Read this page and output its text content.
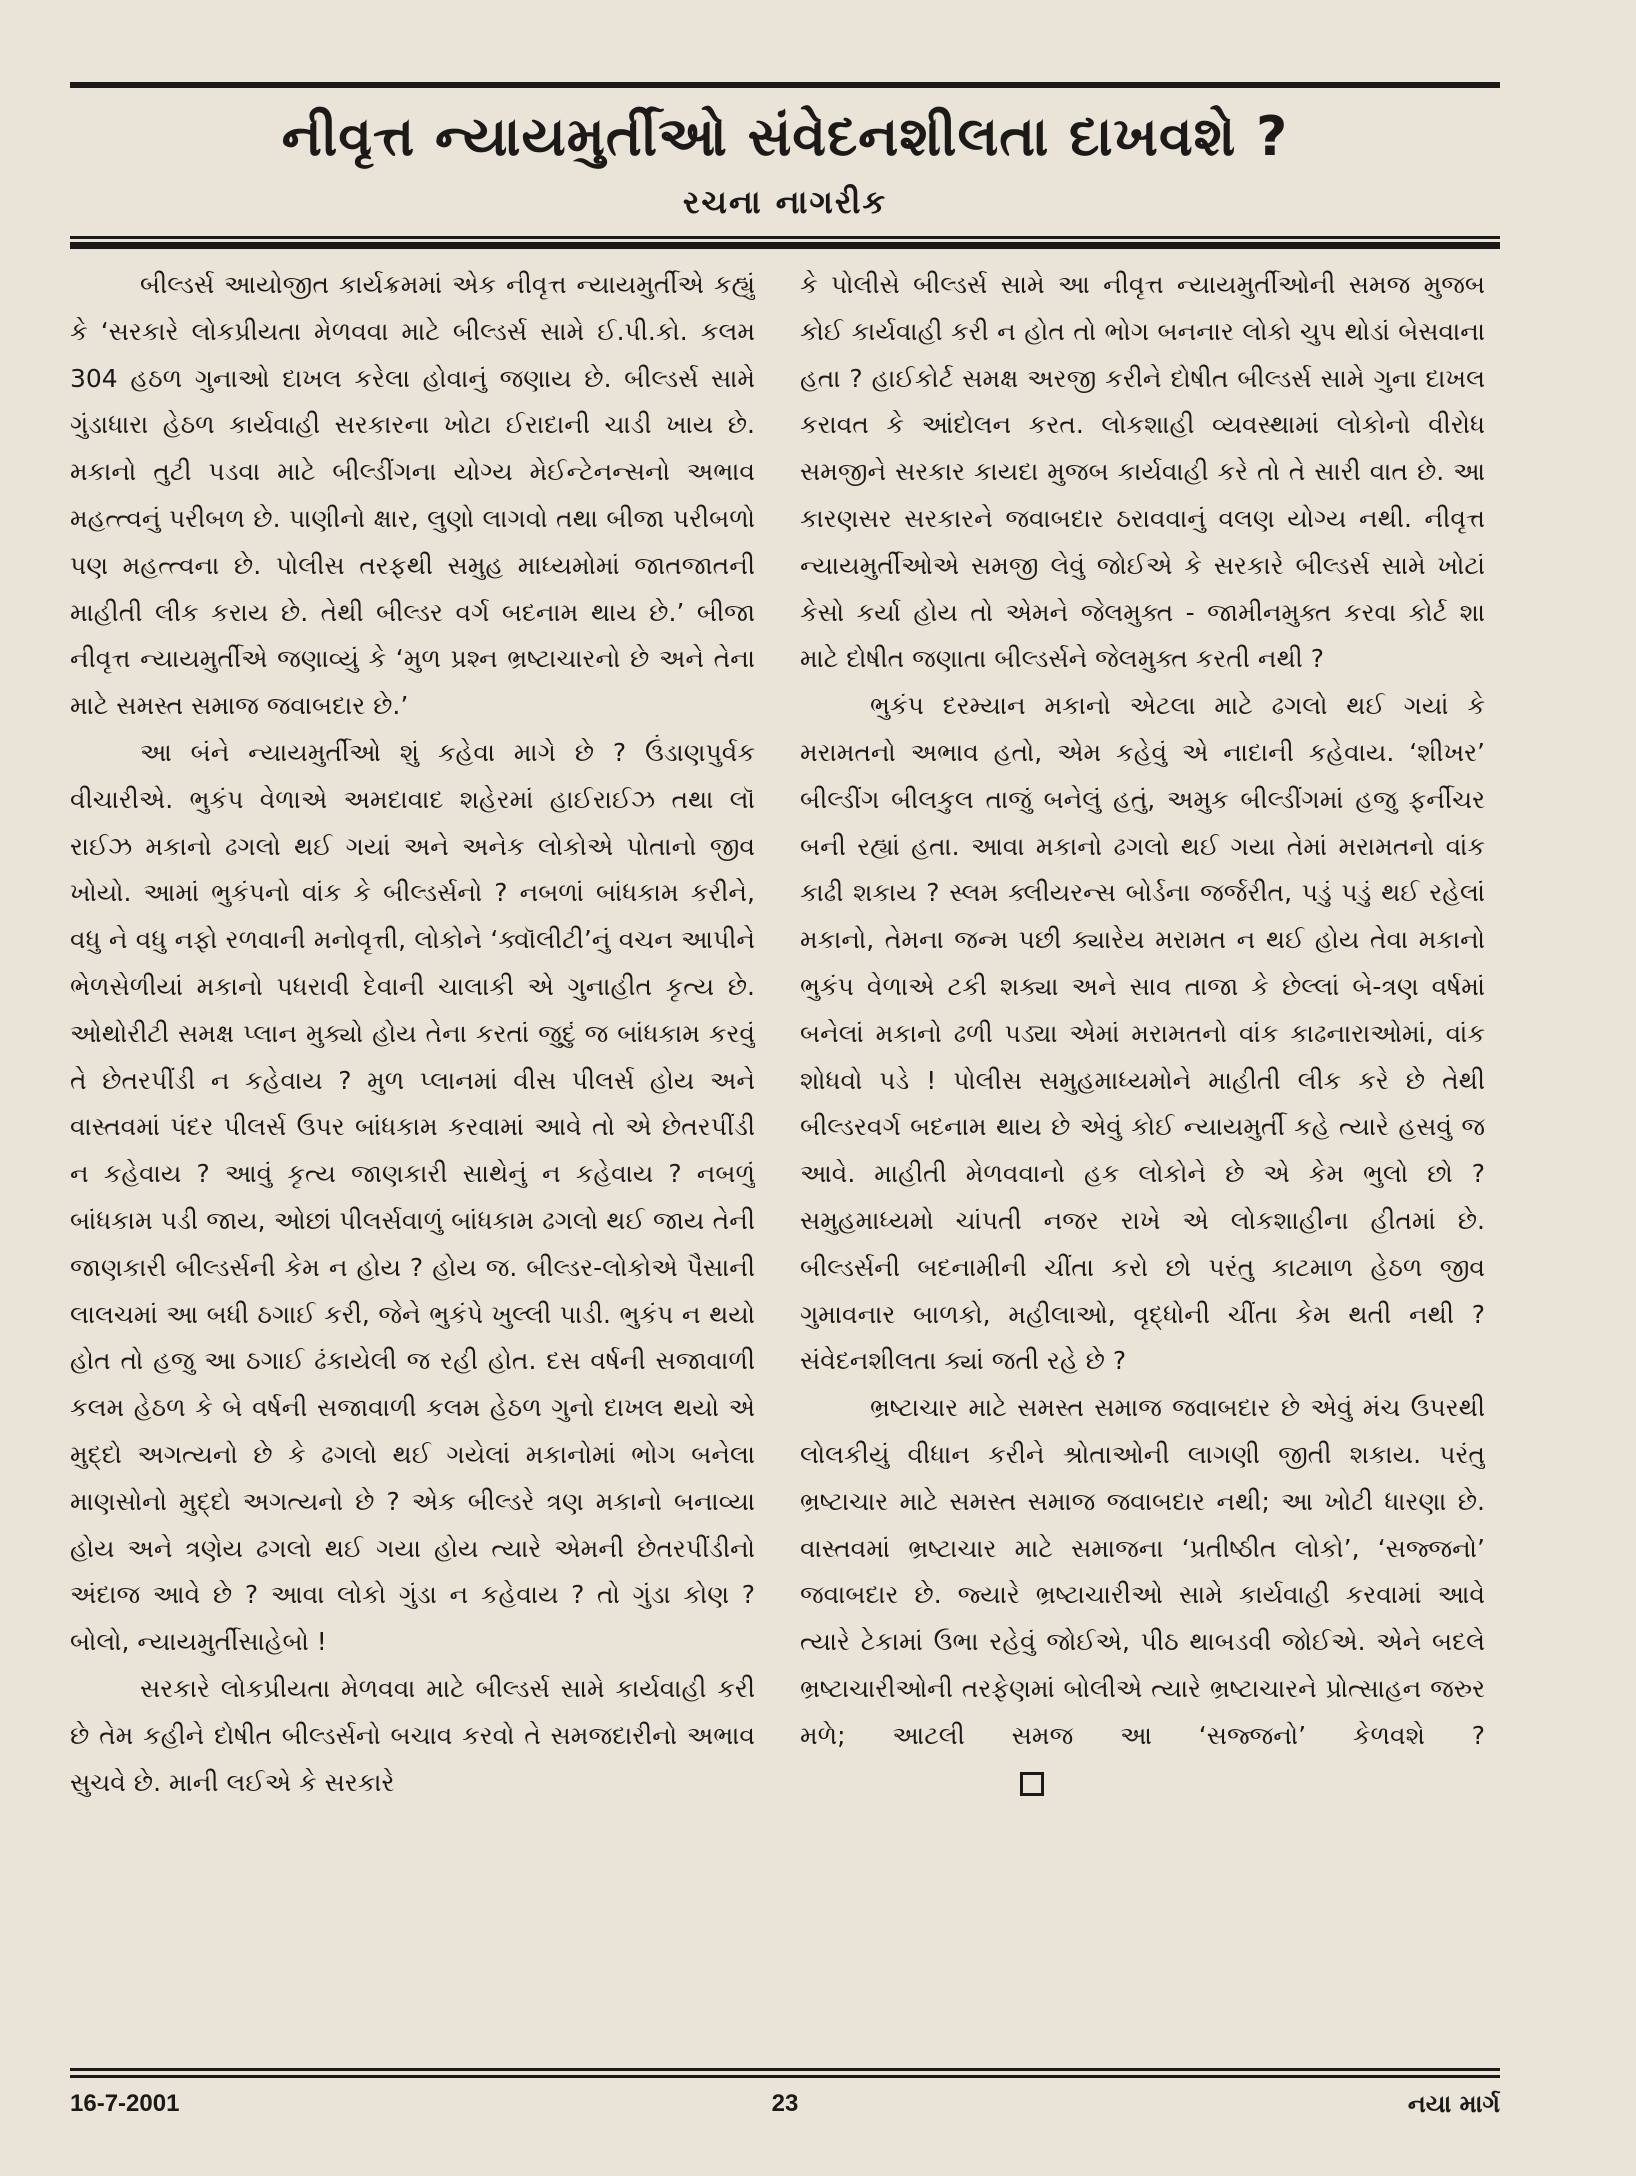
નીવૃત્ત ન્યાયમુર્તીઓ સંવેદનશીલતા દાખવશે ?
રચના નાગરીક

બીલ્ડર્સ આયોજીત કાર્યક્રમમાં એક નીવૃત્ત ન્યાયમુર્તીએ કહ્યું કે ‘સરકારે લોકપ્રીયતા મેળવવા માટે બીલ્ડર્સ સામે ઈ.પી.કો. કલમ 304 હઠળ ગુનાઓ દાખલ કરેલા હોવાનું જણાય છે. બીલ્ડર્સ સામે ગુંડાધારા હેઠળ કાર્યવાહી સરકારના ખોટા ઈરાદાની ચાડી ખાય છે. મકાનો તુટી પડવા માટે બીલ્ડીંગના યોગ્ય મેઈન્ટેનન્સનો અભાવ મહત્ત્વનું પરીબળ છે. પાણીનો ક્ષાર, લુણો લાગવો તથા બીજા પરીબળો પણ મહત્ત્વના છે. પોલીસ તરફથી સમુહ માધ્યમોમાં જાતજાતની માહીતી લીક કરાય છે. તેથી બીલ્ડર વર્ગ બદનામ થાય છે.’ બીજા નીવૃત્ત ન્યાયમુર્તીએ જણાવ્યું કે ‘મુળ પ્રશ્ન ભ્રષ્ટાચારનો છે અને તેના માટે સમસ્ત સમાજ જવાબદાર છે.’

આ બંને ન્યાયમુર્તીઓ શું કહેવા માગે છે ? ઉંડાણપુર્વક વીચારીએ. ભુકંપ વેળાએ અમદાવાદ શહેરમાં હાઈરાઈઝ તથા લૉ રાઈઝ મકાનો ઢગલો થઈ ગયાં અને અનેક લોકોએ પોતાનો જીવ ખોયો. આમાં ભુકંપનો વાંક કે બીલ્ડર્સનો ? નબળાં બાંધકામ કરીને, વધુ ને વધુ નફો રળવાની મનોવૃત્તી, લોકોને ‘ક્વૉલીટી’નું વચન આપીને ભેળસેળીયાં મકાનો પધરાવી દેવાની ચાલાકી એ ગુનાહીત કૃત્ય છે. ઓથોરીટી સમક્ષ પ્લાન મુક્યો હોય તેના કરતાં જુદું જ બાંધકામ કરવું તે છેતરપીંડી ન કહેવાય ? મુળ પ્લાનમાં વીસ પીલર્સ હોય અને વાસ્તવમાં પંદર પીલર્સ ઉપર બાંધકામ કરવામાં આવે તો એ છેતરપીંડી ન કહેવાય ? આવું કૃત્ય જાણકારી સાથેનું ન કહેવાય ? નબળું બાંધકામ પડી જાય, ઓછાં પીલર્સવાળું બાંધકામ ઢગલો થઈ જાય તેની જાણકારી બીલ્ડર્સની કેમ ન હોય ? હોય જ. બીલ્ડર-લોકોએ પૈસાની લાલચમાં આ બધી ઠગાઈ કરી, જેને ભુકંપે ખુલ્લી પાડી. ભુકંપ ન થયો હોત તો હજુ આ ઠગાઈ ઢંકાયેલી જ રહી હોત. દસ વર્ષની સજાવાળી કલમ હેઠળ કે બે વર્ષની સજાવાળી કલમ હેઠળ ગુનો દાખલ થયો એ મુદ્દો અગત્યનો છે કે ઢગલો થઈ ગયેલાં મકાનોમાં ભોગ બનેલા માણસોનો મુદ્દો અગત્યનો છે ? એક બીલ્ડરે ત્રણ મકાનો બનાવ્યા હોય અને ત્રણેય ઢગલો થઈ ગયા હોય ત્યારે એમની છેતરપીંડીનો અંદાજ આવે છે ? આવા લોકો ગુંડા ન કહેવાય ? તો ગુંડા કોણ ? બોલો, ન્યાયમુર્તીસાહેબો !

સરકારે લોકપ્રીયતા મેળવવા માટે બીલ્ડર્સ સામે કાર્યવાહી કરી છે તેમ કહીને દોષીત બીલ્ડર્સનો બચાવ કરવો તે સમજદારીનો અભાવ સુચવે છે. માની લઈએ કે સરકારે

કે પોલીસે બીલ્ડર્સ સામે આ નીવૃત્ત ન્યાયમુર્તીઓની સમજ મુજબ કોઈ કાર્યવાહી કરી ન હોત તો ભોગ બનનાર લોકો ચુપ થોડાં બેસવાના હતા ? હાઈકોર્ટ સમક્ષ અરજી કરીને દોષીત બીલ્ડર્સ સામે ગુના દાખલ કરાવત કે આંદોલન કરત. લોકશાહી વ્યવસ્થામાં લોકોનો વીરોધ સમજીને સરકાર કાયદા મુજબ કાર્યવાહી કરે તો તે સારી વાત છે. આ કારણસર સરકારને જવાબદાર ઠરાવવાનું વલણ યોગ્ય નથી. નીવૃત્ત ન્યાયમુર્તીઓએ સમજી લેવું જોઈએ કે સરકારે બીલ્ડર્સ સામે ખોટાં કેસો કર્યા હોય તો એમને જેલમુક્ત - જામીનમુક્ત કરવા કોર્ટ શા માટે દોષીત જણાતા બીલ્ડર્સને જેલમુક્ત કરતી નથી ?

ભુકંપ દરમ્યાન મકાનો એટલા માટે ઢગલો થઈ ગયાં કે મરામતનો અભાવ હતો, એમ કહેવું એ નાદાની કહેવાય. ‘શીખર’ બીલ્ડીંગ બીલકુલ તાજું બનેલું હતું, અમુક બીલ્ડીંગમાં હજુ ફર્નીચર બની રહ્યાં હતા. આવા મકાનો ઢગલો થઈ ગયા તેમાં મરામતનો વાંક કાઢી શકાય ? સ્લમ ક્લીયરન્સ બોર્ડના જર્જરીત, પડું પડું થઈ રહેલાં મકાનો, તેમના જન્મ પછી ક્યારેય મરામત ન થઈ હોય તેવા મકાનો ભુકંપ વેળાએ ટકી શક્યા અને સાવ તાજા કે છેલ્લાં બે-ત્રણ વર્ષમાં બનેલાં મકાનો ઢળી પડ્યા એમાં મરામતનો વાંક કાઢનારાઓમાં, વાંક શોધવો પડે ! પોલીસ સમુહમાધ્યમોને માહીતી લીક કરે છે તેથી બીલ્ડરવર્ગ બદનામ થાય છે એવું કોઈ ન્યાયમુર્તી કહે ત્યારે હસવું જ આવે. માહીતી મેળવવાનો હક લોકોને છે એ કેમ ભુલો છો ? સમુહમાધ્યમો ચાંપતી નજર રાખે એ લોકશાહીના હીતમાં છે. બીલ્ડર્સની બદનામીની ચીંતા કરો છો પરંતુ કાટમાળ હેઠળ જીવ ગુમાવનાર બાળકો, મહીલાઓ, વૃદ્ધોની ચીંતા કેમ થતી નથી ? સંવેદનશીલતા ક્યાં જતી રહે છે ?

ભ્રષ્ટાચાર માટે સમસ્ત સમાજ જવાબદાર છે એવું મંચ ઉપરથી લોલકીયું વીધાન કરીને શ્રોતાઓની લાગણી જીતી શકાય. પરંતુ ભ્રષ્ટાચાર માટે સમસ્ત સમાજ જવાબદાર નથી; આ ખોટી ધારણા છે. વાસ્તવમાં ભ્રષ્ટાચાર માટે સમાજના ‘પ્રતીષ્ઠીત લોકો’, ‘સજ્જનો’ જવાબદાર છે. જ્યારે ભ્રષ્ટાચારીઓ સામે કાર્યવાહી કરવામાં આવે ત્યારે ટેકામાં ઉભા રહેવું જોઈએ, પીઠ થાબડવી જોઈએ. એને બદલે ભ્રષ્ટાચારીઓની તરફેણમાં બોલીએ ત્યારે ભ્રષ્ટાચારને પ્રોત્સાહન જરુર મળે; આટલી સમજ આ ‘સજ્જનો’ કેળવશે ?

16-7-2001	23	નયા માર્ગ
